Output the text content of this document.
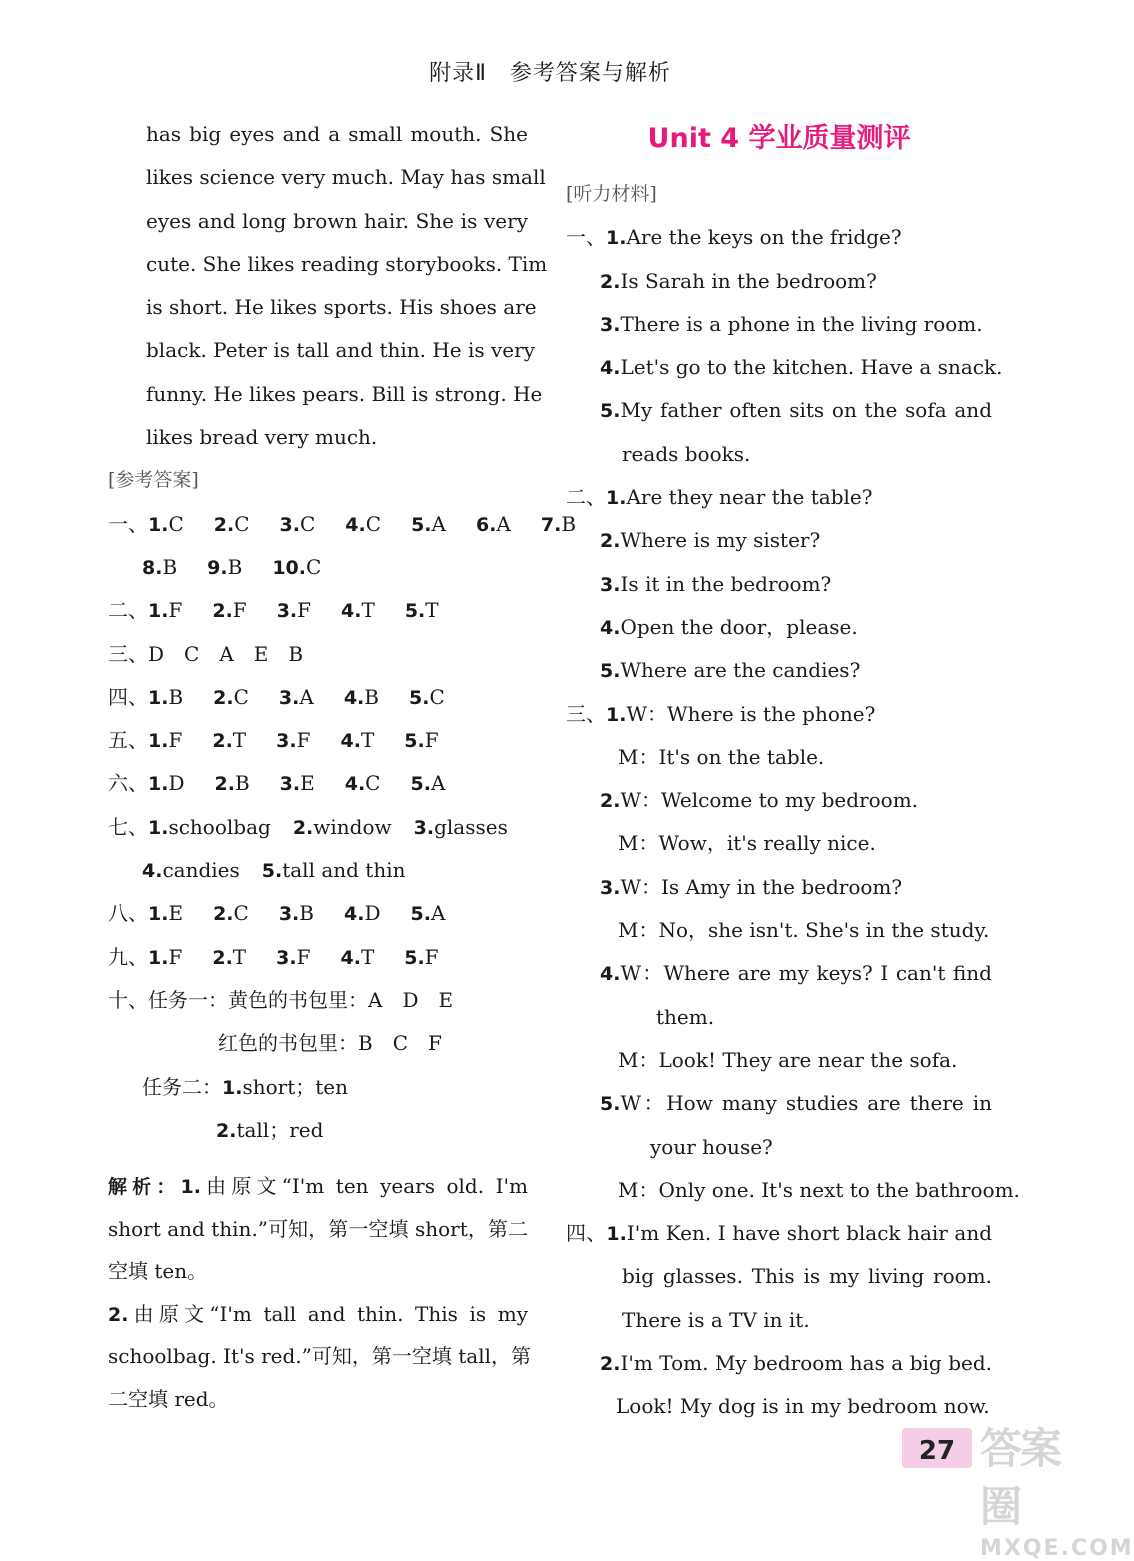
附录Ⅱ　参考答案与解析
has big eyes and a small mouth. She
likes science very much. May has small
eyes and long brown hair. She is very
cute. She likes reading storybooks. Tim
is short. He likes sports. His shoes are
black. Peter is tall and thin. He is very
funny. He likes pears. Bill is strong. He
likes bread very much.
[参考答案]
一、1.C 2.C 3.C 4.C 5.A 6.A 7.B
8.B 9.B 10.C
二、1.F 2.F 3.F 4.T 5.T
三、D　C　A　E　B
四、1.B 2.C 3.A 4.B 5.C
五、1.F 2.T 3.F 4.T 5.F
六、1.D 2.B 3.E 4.C 5.A
七、1.schoolbag 2.window 3.glasses
4.candies 5.tall and thin
八、1.E 2.C 3.B 4.D 5.A
九、1.F 2.T 3.F 4.T 5.F
十、任务一：黄色的书包里：A　D　E
红色的书包里：B　C　F
任务二：1.short；ten
2.tall；red
解析：1.由原文“I'm ten years old. I'm
short and thin.”可知，第一空填 short，第二
空填 ten。
2.由原文“I'm tall and thin. This is my
schoolbag. It's red.”可知，第一空填 tall，第
二空填 red。
Unit 4 学业质量测评
[听力材料]
一、1.Are the keys on the fridge?
2.Is Sarah in the bedroom?
3.There is a phone in the living room.
4.Let's go to the kitchen. Have a snack.
5.My father often sits on the sofa and
reads books.
二、1.Are they near the table?
2.Where is my sister?
3.Is it in the bedroom?
4.Open the door，please.
5.Where are the candies?
三、1.W：Where is the phone?
M：It's on the table.
2.W：Welcome to my bedroom.
M：Wow，it's really nice.
3.W：Is Amy in the bedroom?
M：No，she isn't. She's in the study.
4.W：Where are my keys? I can't find
them.
M：Look! They are near the sofa.
5.W：How many studies are there in
your house?
M：Only one. It's next to the bathroom.
四、1.I'm Ken. I have short black hair and
big glasses. This is my living room.
There is a TV in it.
2.I'm Tom. My bedroom has a big bed.
Look! My dog is in my bedroom now.
27 答案圈
MXQE.COM
